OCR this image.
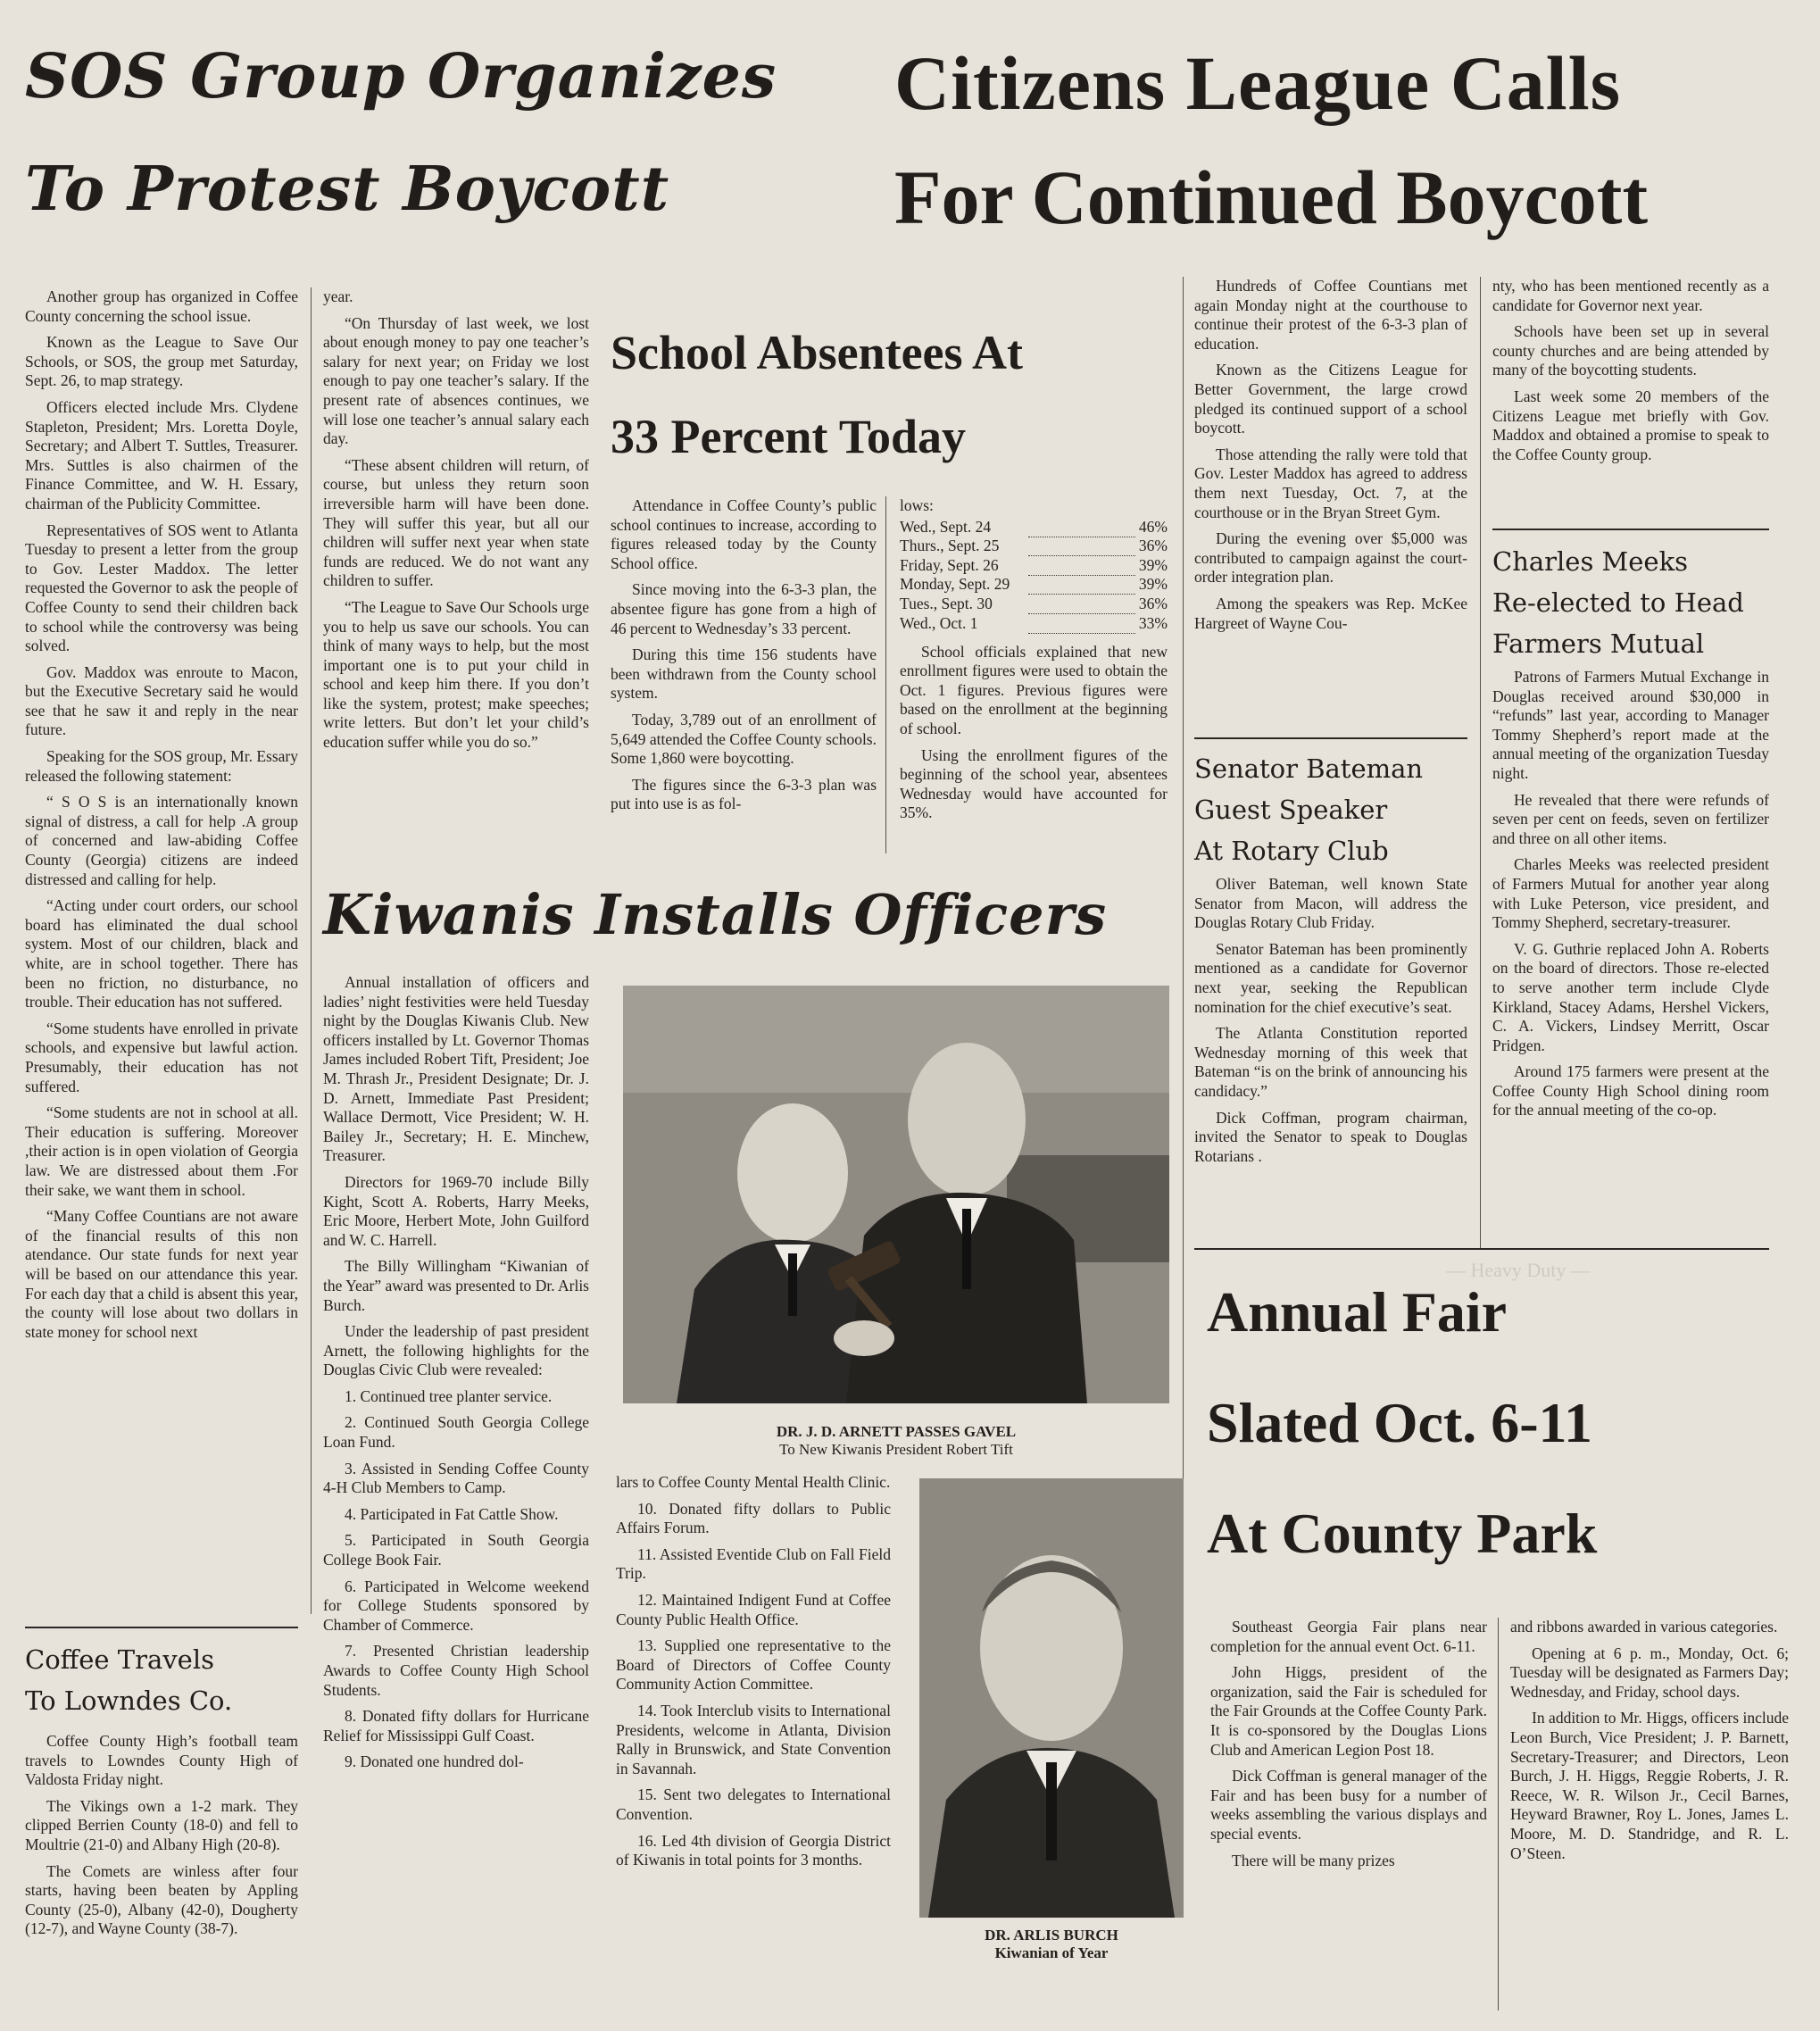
SOS Group Organizes
To Protest Boycott
Citizens League Calls
For Continued Boycott

Another group has organized in Coffee County concerning the school issue.

Known as the League to Save Our Schools, or SOS, the group met Saturday, Sept. 26, to map strategy.

Officers elected include Mrs. Clydene Stapleton, President; Mrs. Loretta Doyle, Secretary; and Albert T. Suttles, Treasurer. Mrs. Suttles is also chairmen of the Finance Committee, and W. H. Essary, chairman of the Publicity Committee.

Representatives of SOS went to Atlanta Tuesday to present a letter from the group to Gov. Lester Maddox. The letter requested the Governor to ask the people of Coffee County to send their children back to school while the controversy was being solved.

Gov. Maddox was enroute to Macon, but the Executive Secretary said he would see that he saw it and reply in the near future.

Speaking for the SOS group, Mr. Essary released the following statement:

“ S O S is an internationally known signal of distress, a call for help .A group of concerned and law-abiding Coffee County (Georgia) citizens are indeed distressed and calling for help.

“Acting under court orders, our school board has eliminated the dual school system. Most of our children, black and white, are in school together. There has been no friction, no disturbance, no trouble. Their education has not suffered.

“Some students have enrolled in private schools, and expensive but lawful action. Presumably, their education has not suffered.

“Some students are not in school at all. Their education is suffering. Moreover ,their action is in open violation of Georgia law. We are distressed about them .For their sake, we want them in school.

“Many Coffee Countians are not aware of the financial results of this non atendance. Our state funds for next year will be based on our attendance this year. For each day that a child is absent this year, the county will lose about two dollars in state money for school next

year.

“On Thursday of last week, we lost about enough money to pay one teacher’s salary for next year; on Friday we lost enough to pay one teacher’s salary. If the present rate of absences continues, we will lose one teacher’s annual salary each day.

“These absent children will return, of course, but unless they return soon irreversible harm will have been done. They will suffer this year, but all our children will suffer next year when state funds are reduced. We do not want any children to suffer.

“The League to Save Our Schools urge you to help us save our schools. You can think of many ways to help, but the most important one is to put your child in school and keep him there. If you don’t like the system, protest; make speeches; write letters. But don’t let your child’s education suffer while you do so.”

Coffee Travels
To Lowndes Co.

Coffee County High’s football team travels to Lowndes County High of Valdosta Friday night.

The Vikings own a 1-2 mark. They clipped Berrien County (18-0) and fell to Moultrie (21-0) and Albany High (20-8).

The Comets are winless after four starts, having been beaten by Appling County (25-0), Albany (42-0), Dougherty (12-7), and Wayne County (38-7).

School Absentees At
33 Percent Today

Attendance in Coffee County’s public school continues to increase, according to figures released today by the County School office.

Since moving into the 6-3-3 plan, the absentee figure has gone from a high of 46 percent to Wednesday’s 33 percent.

During this time 156 students have been withdrawn from the County school system.

Today, 3,789 out of an enrollment of 5,649 attended the Coffee County schools. Some 1,860 were boycotting.

The figures since the 6-3-3 plan was put into use is as fol-

lows:

Wed., Sept. 24		46%
Thurs., Sept. 25		36%
Friday, Sept. 26		39%
Monday, Sept. 29		39%
Tues., Sept. 30		36%
Wed., Oct. 1		33%

School officials explained that new enrollment figures were used to obtain the Oct. 1 figures. Previous figures were based on the enrollment at the beginning of school.

Using the enrollment figures of the beginning of the school year, absentees Wednesday would have accounted for 35%.

Hundreds of Coffee Countians met again Monday night at the courthouse to continue their protest of the 6-3-3 plan of education.

Known as the Citizens League for Better Government, the large crowd pledged its continued support of a school boycott.

Those attending the rally were told that Gov. Lester Maddox has agreed to address them next Tuesday, Oct. 7, at the courthouse or in the Bryan Street Gym.

During the evening over $5,000 was contributed to campaign against the court-order integration plan.

Among the speakers was Rep. McKee Hargreet of Wayne Cou-

nty, who has been mentioned recently as a candidate for Governor next year.

Schools have been set up in several county churches and are being attended by many of the boycotting students.

Last week some 20 members of the Citizens League met briefly with Gov. Maddox and obtained a promise to speak to the Coffee County group.

Senator Bateman
Guest Speaker
At Rotary Club

Oliver Bateman, well known State Senator from Macon, will address the Douglas Rotary Club Friday.

Senator Bateman has been prominently mentioned as a candidate for Governor next year, seeking the Republican nomination for the chief executive’s seat.

The Atlanta Constitution reported Wednesday morning of this week that Bateman “is on the brink of announcing his candidacy.”

Dick Coffman, program chairman, invited the Senator to speak to Douglas Rotarians .

Charles Meeks
Re-elected to Head
Farmers Mutual

Patrons of Farmers Mutual Exchange in Douglas received around $30,000 in “refunds” last year, according to Manager Tommy Shepherd’s report made at the annual meeting of the organization Tuesday night.

He revealed that there were refunds of seven per cent on feeds, seven on fertilizer and three on all other items.

Charles Meeks was reelected president of Farmers Mutual for another year along with Luke Peterson, vice president, and Tommy Shepherd, secretary-treasurer.

V. G. Guthrie replaced John A. Roberts on the board of directors. Those re-elected to serve another term include Clyde Kirkland, Stacey Adams, Hershel Vickers, C. A. Vickers, Lindsey Merritt, Oscar Pridgen.

Around 175 farmers were present at the Coffee County High School dining room for the annual meeting of the co-op.

Kiwanis Installs Officers

Annual installation of officers and ladies’ night festivities were held Tuesday night by the Douglas Kiwanis Club. New officers installed by Lt. Governor Thomas James included Robert Tift, President; Joe M. Thrash Jr., President Designate; Dr. J. D. Arnett, Immediate Past President; Wallace Dermott, Vice President; W. H. Bailey Jr., Secretary; H. E. Minchew, Treasurer.

Directors for 1969-70 include Billy Kight, Scott A. Roberts, Harry Meeks, Eric Moore, Herbert Mote, John Guilford and W. C. Harrell.

The Billy Willingham “Kiwanian of the Year” award was presented to Dr. Arlis Burch.

Under the leadership of past president Arnett, the following highlights for the Douglas Civic Club were revealed:

1. Continued tree planter service.

2. Continued South Georgia College Loan Fund.

3. Assisted in Sending Coffee County 4-H Club Members to Camp.

4. Participated in Fat Cattle Show.

5. Participated in South Georgia College Book Fair.

6. Participated in Welcome weekend for College Students sponsored by Chamber of Commerce.

7. Presented Christian leadership Awards to Coffee County High School Students.

8. Donated fifty dollars for Hurricane Relief for Mississippi Gulf Coast.

9. Donated one hundred dol-

DR. J. D. ARNETT PASSES GAVEL
To New Kiwanis President Robert Tift

lars to Coffee County Mental Health Clinic.

10. Donated fifty dollars to Public Affairs Forum.

11. Assisted Eventide Club on Fall Field Trip.

12. Maintained Indigent Fund at Coffee County Public Health Office.

13. Supplied one representative to the Board of Directors of Coffee County Community Action Committee.

14. Took Interclub visits to International Presidents, welcome in Atlanta, Division Rally in Brunswick, and State Convention in Savannah.

15. Sent two delegates to International Convention.

16. Led 4th division of Georgia District of Kiwanis in total points for 3 months.

DR. ARLIS BURCH
Kiwanian of Year
— Heavy Duty —
Annual Fair
Slated Oct. 6-11
At County Park

Southeast Georgia Fair plans near completion for the annual event Oct. 6-11.

John Higgs, president of the organization, said the Fair is scheduled for the Fair Grounds at the Coffee County Park. It is co-sponsored by the Douglas Lions Club and American Legion Post 18.

Dick Coffman is general manager of the Fair and has been busy for a number of weeks assembling the various displays and special events.

There will be many prizes

and ribbons awarded in various categories.

Opening at 6 p. m., Monday, Oct. 6; Tuesday will be designated as Farmers Day; Wednesday, and Friday, school days.

In addition to Mr. Higgs, officers include Leon Burch, Vice President; J. P. Barnett, Secretary-Treasurer; and Directors, Leon Burch, J. H. Higgs, Reggie Roberts, J. R. Reece, W. R. Wilson Jr., Cecil Barnes, Heyward Brawner, Roy L. Jones, James L. Moore, M. D. Standridge, and R. L. O’Steen.
